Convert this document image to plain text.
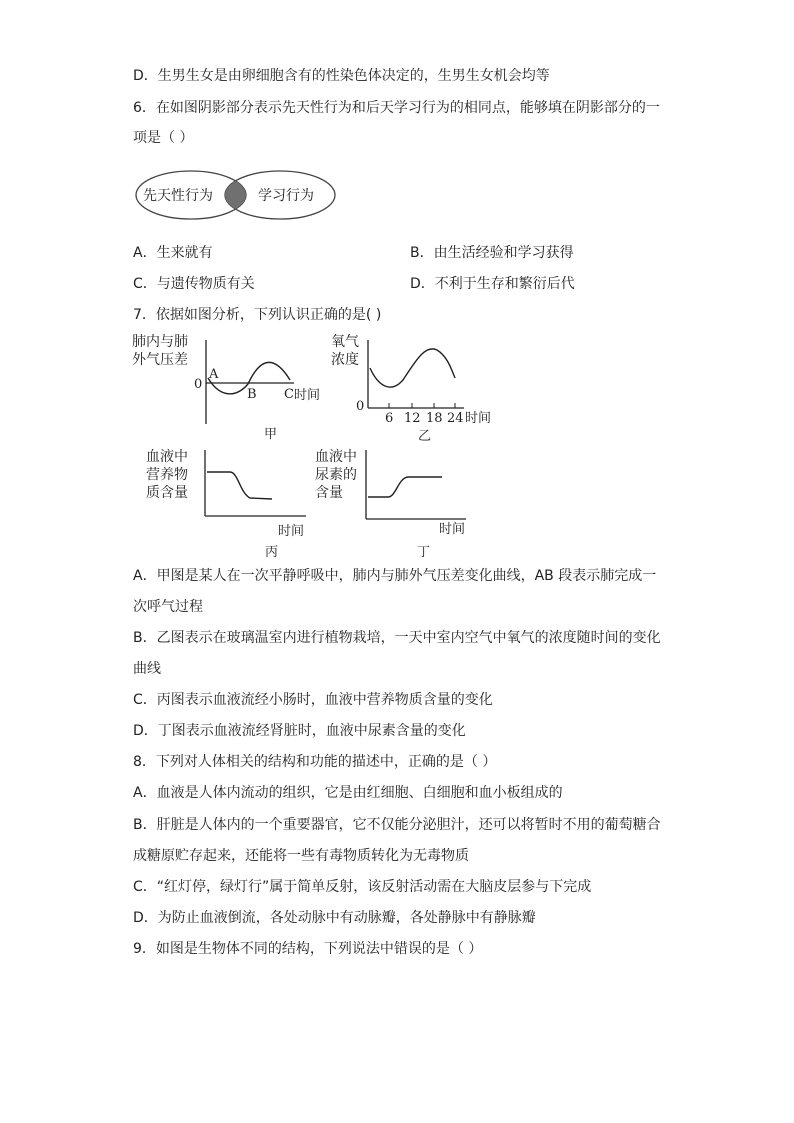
D．生男生女是由卵细胞含有的性染色体决定的，生男生女机会均等
6．在如图阴影部分表示先天性行为和后天学习行为的相同点，能够填在阴影部分的一
项是（ ）
先天性行为	学习行为
A．生来就有	B．由生活经验和学习获得
C．与遗传物质有关	D．不利于生存和繁衍后代
7．依据如图分析，下列认识正确的是( )
肺内与肺
外气压差
0
A
B C 时间
甲
氧气
浓度
0
6 12 18 24 时间
乙
血液中
营养物
质含量
时间
丙
血液中
尿素的
含量
时间
丁
A．甲图是某人在一次平静呼吸中，肺内与肺外气压差变化曲线，AB 段表示肺完成一
次呼气过程
B．乙图表示在玻璃温室内进行植物栽培，一天中室内空气中氧气的浓度随时间的变化
曲线
C．丙图表示血液流经小肠时，血液中营养物质含量的变化
D．丁图表示血液流经肾脏时，血液中尿素含量的变化
8．下列对人体相关的结构和功能的描述中，正确的是（ ）
A．血液是人体内流动的组织，它是由红细胞、白细胞和血小板组成的
B．肝脏是人体内的一个重要器官，它不仅能分泌胆汁，还可以将暂时不用的葡萄糖合
成糖原贮存起来，还能将一些有毒物质转化为无毒物质
C．“红灯停，绿灯行”属于简单反射，该反射活动需在大脑皮层参与下完成
D．为防止血液倒流，各处动脉中有动脉瓣，各处静脉中有静脉瓣
9．如图是生物体不同的结构，下列说法中错误的是（ ）
